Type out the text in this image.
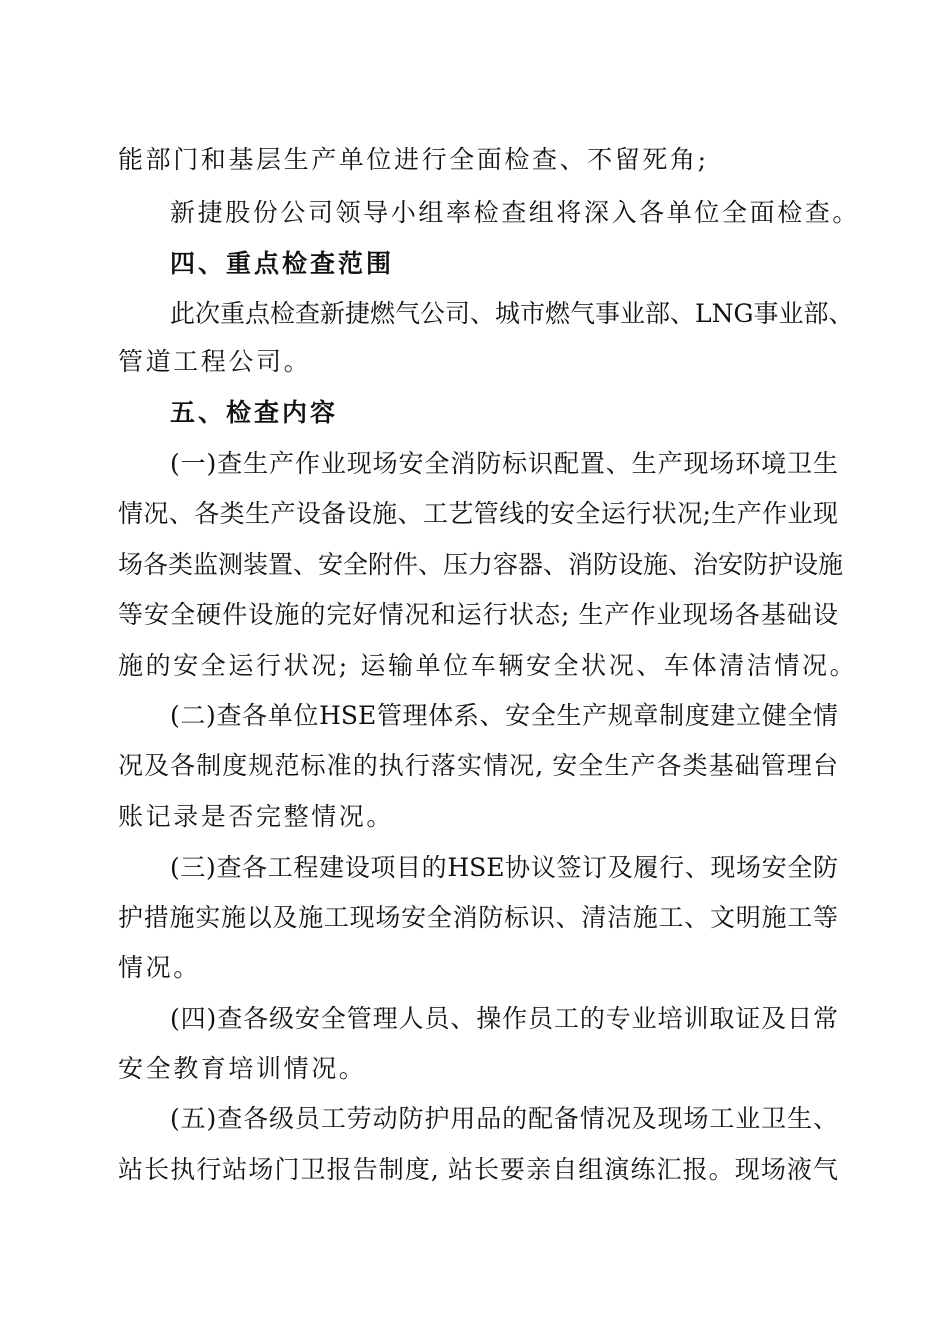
能部门和基层生产单位进行全面检查、不留死角;
新捷股份公司领导小组率检查组将深入各单位全面检查。
四、重点检查范围
此次重点检查新捷燃气公司、城市燃气事业部、LNG事业部、
管道工程公司。
五、检查内容
(一)查生产作业现场安全消防标识配置、生产现场环境卫生
情况、各类生产设备设施、工艺管线的安全运行状况;生产作业现
场各类监测装置、安全附件、压力容器、消防设施、治安防护设施
等安全硬件设施的完好情况和运行状态; 生产作业现场各基础设
施的安全运行状况; 运输单位车辆安全状况、车体清洁情况。
(二)查各单位HSE管理体系、安全生产规章制度建立健全情
况及各制度规范标准的执行落实情况, 安全生产各类基础管理台
账记录是否完整情况。
(三)查各工程建设项目的HSE协议签订及履行、现场安全防
护措施实施以及施工现场安全消防标识、清洁施工、文明施工等
情况。
(四)查各级安全管理人员、操作员工的专业培训取证及日常
安全教育培训情况。
(五)查各级员工劳动防护用品的配备情况及现场工业卫生、
站长执行站场门卫报告制度, 站长要亲自组演练汇报。现场液气
